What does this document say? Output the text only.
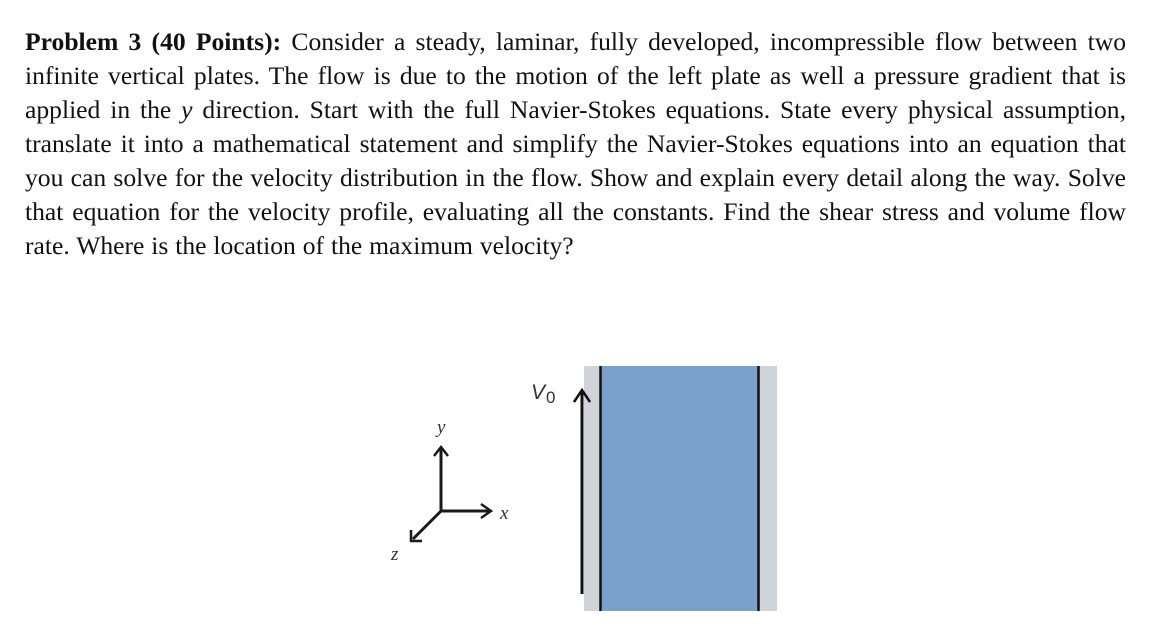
Problem 3 (40 Points): Consider a steady, laminar, fully developed, incompressible flow between two infinite vertical plates. The flow is due to the motion of the left plate as well a pressure gradient that is applied in the y direction. Start with the full Navier-Stokes equations. State every physical assumption, translate it into a mathematical statement and simplify the Navier-Stokes equations into an equation that you can solve for the velocity distribution in the flow. Show and explain every detail along the way. Solve that equation for the velocity profile, evaluating all the constants. Find the shear stress and volume flow rate. Where is the location of the maximum velocity?
y
x
z
V0
